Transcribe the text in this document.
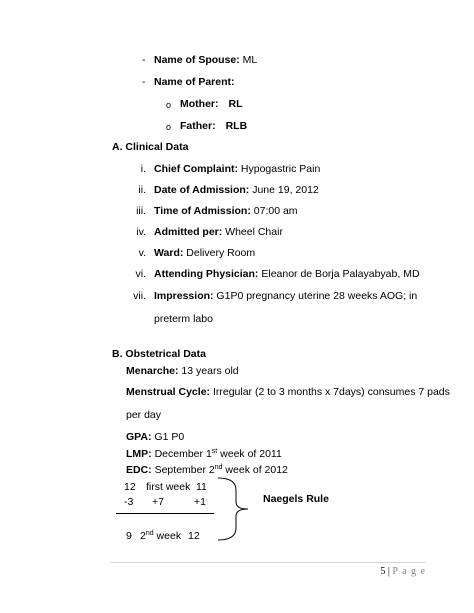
- Name of Spouse: ML
- Name of Parent:
o Mother: RL
o Father: RLB
A. Clinical Data
i. Chief Complaint: Hypogastric Pain
ii. Date of Admission: June 19, 2012
iii. Time of Admission: 07:00 am
iv. Admitted per: Wheel Chair
v. Ward: Delivery Room
vi. Attending Physician: Eleanor de Borja Palayabyab, MD
vii. Impression: G1P0 pregnancy uterine 28 weeks AOG; in
preterm labo
B. Obstetrical Data
Menarche: 13 years old
Menstrual Cycle: Irregular (2 to 3 months x 7days) consumes 7 pads
per day
GPA: G1 P0
LMP: December 1st week of 2011
EDC: September 2nd week of 2012
12 first week 11
-3 +7	+1
9 2nd week 12
Naegels Rule
5 | P a g e
